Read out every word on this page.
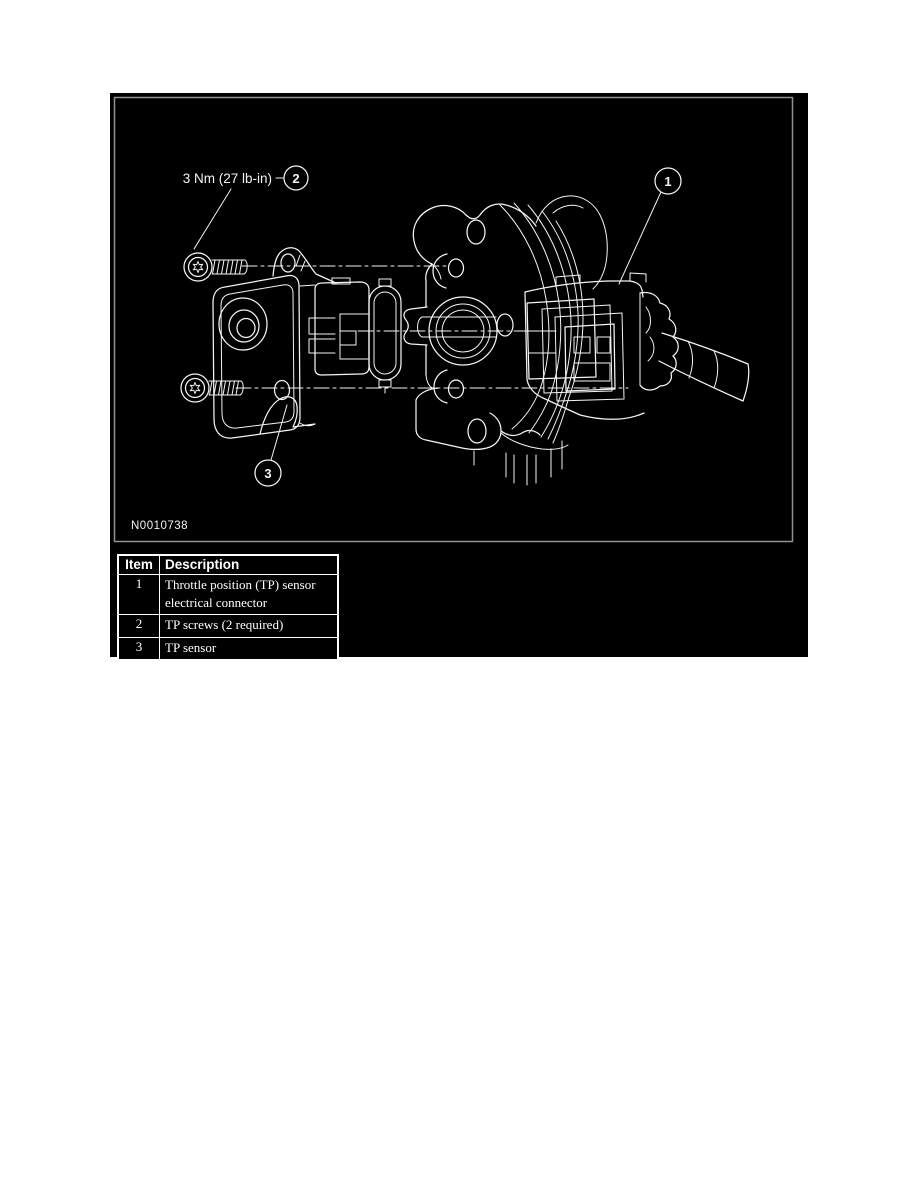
1
3 Nm (27 lb-in) 2
3
N0010738
Item	Description
1	Throttle position (TP) sensor electrical connector
2	TP screws (2 required)
3	TP sensor
